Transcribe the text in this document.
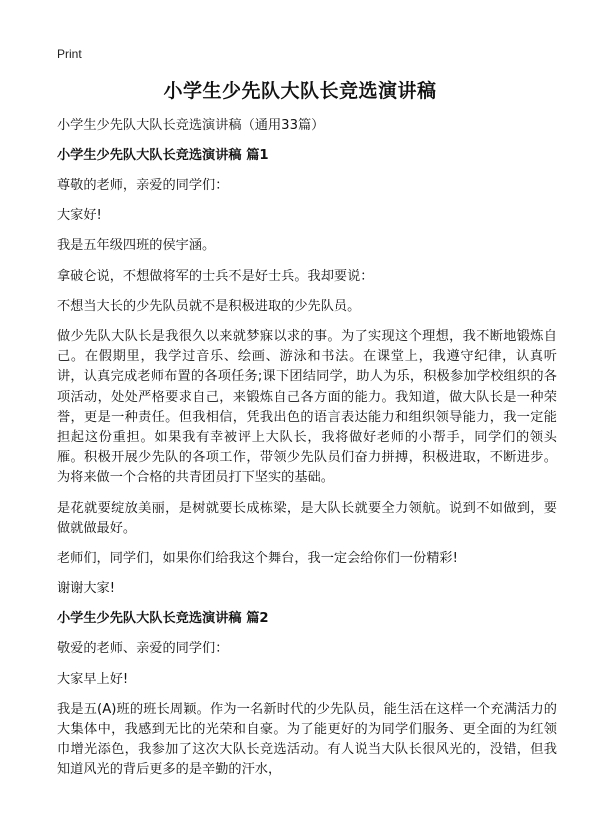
Print
小学生少先队大队长竞选演讲稿

小学生少先队大队长竞选演讲稿（通用33篇）

小学生少先队大队长竞选演讲稿 篇1

尊敬的老师，亲爱的同学们：

大家好!

我是五年级四班的侯宇涵。

拿破仑说，不想做将军的士兵不是好士兵。我却要说：

不想当大长的少先队员就不是积极进取的少先队员。

做少先队大队长是我很久以来就梦寐以求的事。为了实现这个理想，我不断地锻炼自己。在假期里，我学过音乐、绘画、游泳和书法。在课堂上，我遵守纪律，认真听讲，认真完成老师布置的各项任务;课下团结同学，助人为乐，积极参加学校组织的各项活动，处处严格要求自己，来锻炼自己各方面的能力。我知道，做大队长是一种荣誉，更是一种责任。但我相信，凭我出色的语言表达能力和组织领导能力，我一定能担起这份重担。如果我有幸被评上大队长，我将做好老师的小帮手，同学们的领头雁。积极开展少先队的各项工作，带领少先队员们奋力拼搏，积极进取，不断进步。为将来做一个合格的共青团员打下坚实的基础。

是花就要绽放美丽，是树就要长成栋梁，是大队长就要全力领航。说到不如做到，要做就做最好。

老师们，同学们，如果你们给我这个舞台，我一定会给你们一份精彩!

谢谢大家!

小学生少先队大队长竞选演讲稿 篇2

敬爱的老师、亲爱的同学们：

大家早上好!

我是五(A)班的班长周颖。作为一名新时代的少先队员，能生活在这样一个充满活力的大集体中，我感到无比的光荣和自豪。为了能更好的为同学们服务、更全面的为红领巾增光添色，我参加了这次大队长竞选活动。有人说当大队长很风光的，没错，但我知道风光的背后更多的是辛勤的汗水，
